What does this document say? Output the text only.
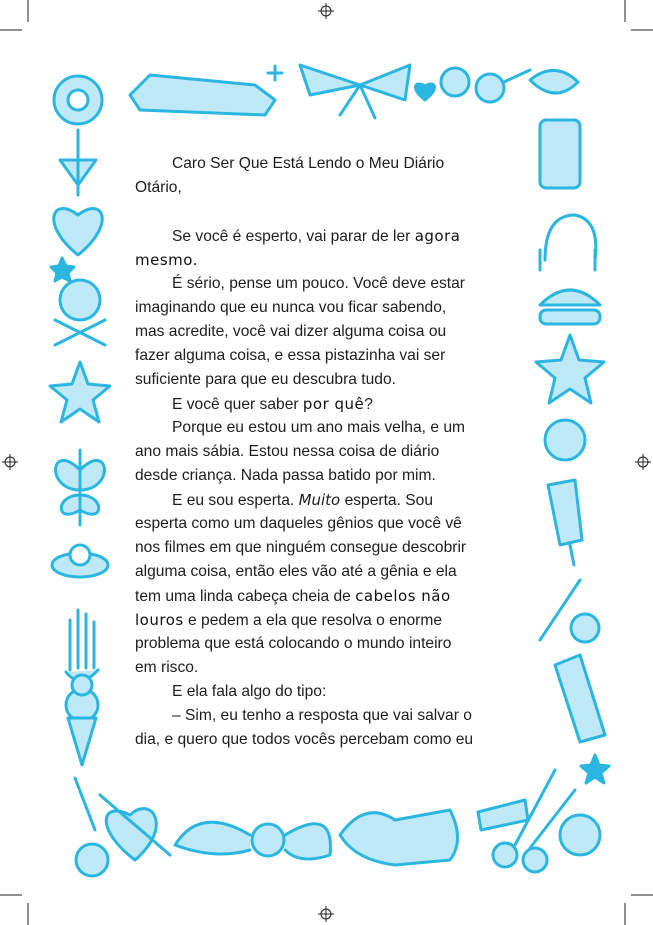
Caro Ser Que Está Lendo o Meu Diário
Otário,
Se você é esperto, vai parar de ler agora
mesmo.
É sério, pense um pouco. Você deve estar
imaginando que eu nunca vou ficar sabendo,
mas acredite, você vai dizer alguma coisa ou
fazer alguma coisa, e essa pistazinha vai ser
suficiente para que eu descubra tudo.
E você quer saber por quê?
Porque eu estou um ano mais velha, e um
ano mais sábia. Estou nessa coisa de diário
desde criança. Nada passa batido por mim.
E eu sou esperta. Muito esperta. Sou
esperta como um daqueles gênios que você vê
nos filmes em que ninguém consegue descobrir
alguma coisa, então eles vão até a gênia e ela
tem uma linda cabeça cheia de cabelos não
louros e pedem a ela que resolva o enorme
problema que está colocando o mundo inteiro
em risco.
E ela fala algo do tipo:
– Sim, eu tenho a resposta que vai salvar o
dia, e quero que todos vocês percebam como eu
